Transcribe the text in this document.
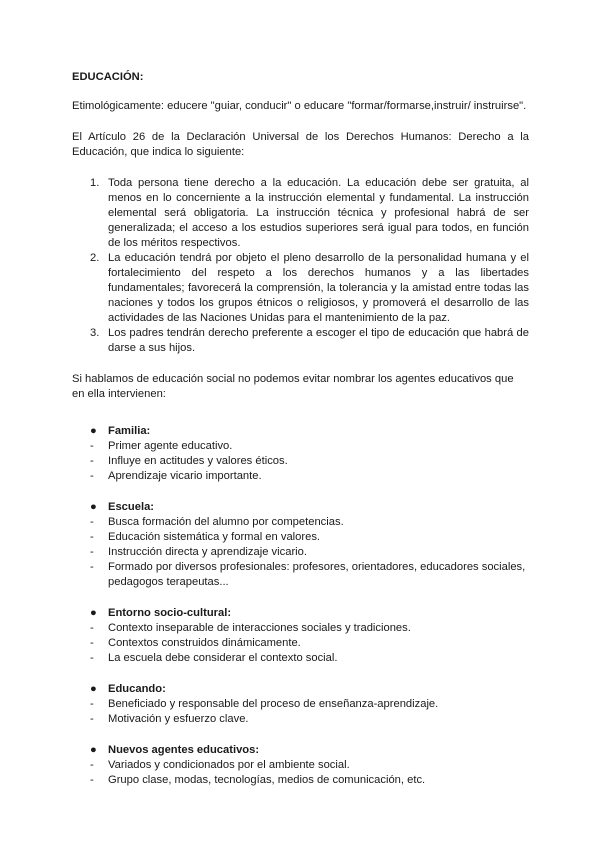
EDUCACIÓN:

Etimológicamente: educere "guiar, conducir" o educare "formar/formarse,instruir/ instruirse".

El Artículo 26 de la Declaración Universal de los Derechos Humanos: Derecho a la Educación, que indica lo siguiente:

1. Toda persona tiene derecho a la educación. La educación debe ser gratuita, al menos en lo concerniente a la instrucción elemental y fundamental. La instrucción elemental será obligatoria. La instrucción técnica y profesional habrá de ser generalizada; el acceso a los estudios superiores será igual para todos, en función de los méritos respectivos.
2. La educación tendrá por objeto el pleno desarrollo de la personalidad humana y el fortalecimiento del respeto a los derechos humanos y a las libertades fundamentales; favorecerá la comprensión, la tolerancia y la amistad entre todas las naciones y todos los grupos étnicos o religiosos, y promoverá el desarrollo de las actividades de las Naciones Unidas para el mantenimiento de la paz.
3. Los padres tendrán derecho preferente a escoger el tipo de educación que habrá de darse a sus hijos.

Si hablamos de educación social no podemos evitar nombrar los agentes educativos que en ella intervienen:

● Familia:
- Primer agente educativo.
- Influye en actitudes y valores éticos.
- Aprendizaje vicario importante.
● Escuela:
- Busca formación del alumno por competencias.
- Educación sistemática y formal en valores.
- Instrucción directa y aprendizaje vicario.
- Formado por diversos profesionales: profesores, orientadores, educadores sociales, pedagogos terapeutas...
● Entorno socio-cultural:
- Contexto inseparable de interacciones sociales y tradiciones.
- Contextos construidos dinámicamente.
- La escuela debe considerar el contexto social.
● Educando:
- Beneficiado y responsable del proceso de enseñanza-aprendizaje.
- Motivación y esfuerzo clave.
● Nuevos agentes educativos:
- Variados y condicionados por el ambiente social.
- Grupo clase, modas, tecnologías, medios de comunicación, etc.
